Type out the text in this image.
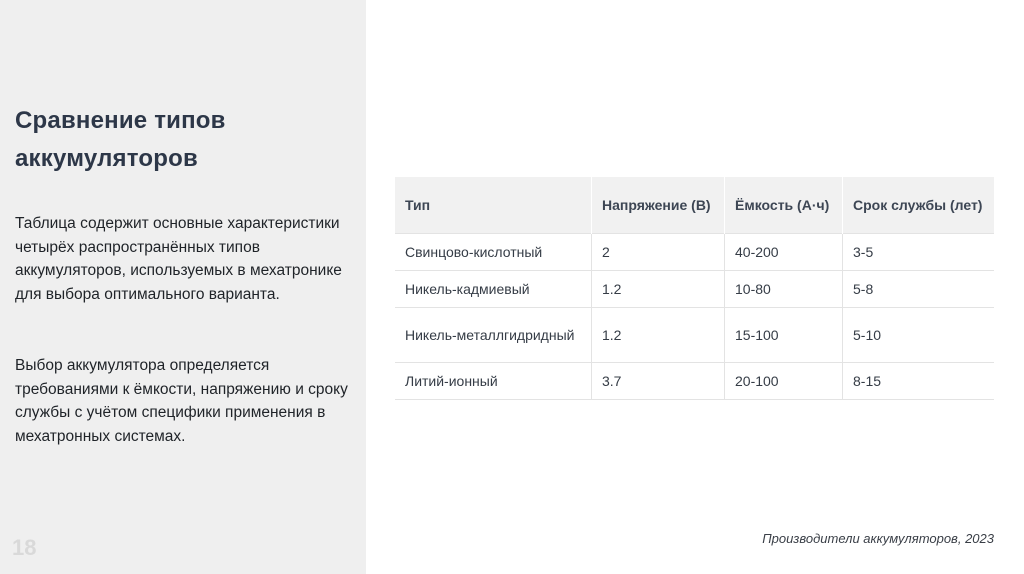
Сравнение типов аккумуляторов

Таблица содержит основные характеристики четырёх распространённых типов аккумуляторов, используемых в мехатронике для выбора оптимального варианта.

Выбор аккумулятора определяется требованиями к ёмкости, напряжению и сроку службы с учётом специфики применения в мехатронных системах.

18
Тип	Напряжение (В)	Ёмкость (А·ч)	Срок службы (лет)
Свинцово-кислотный	2	40-200	3-5
Никель-кадмиевый	1.2	10-80	5-8
Никель-металлгидридный	1.2	15-100	5-10
Литий-ионный	3.7	20-100	8-15
Производители аккумуляторов, 2023
